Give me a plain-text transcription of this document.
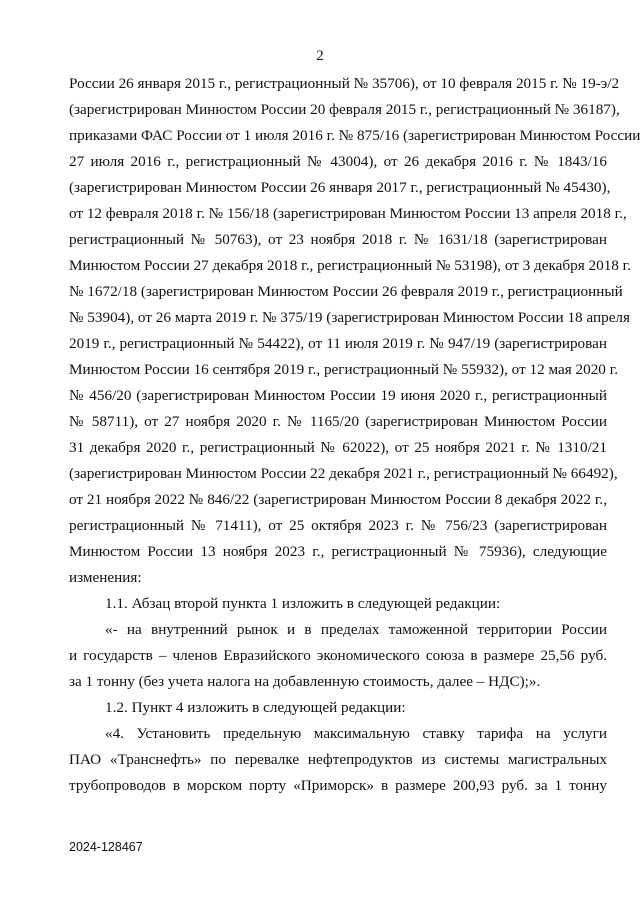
2
России 26 января 2015 г., регистрационный № 35706), от 10 февраля 2015 г. № 19-э/2
(зарегистрирован Минюстом России 20 февраля 2015 г., регистрационный № 36187),
приказами ФАС России от 1 июля 2016 г. № 875/16 (зарегистрирован Минюстом России
27 июля 2016 г., регистрационный № 43004), от 26 декабря 2016 г. № 1843/16
(зарегистрирован Минюстом России 26 января 2017 г., регистрационный № 45430),
от 12 февраля 2018 г. № 156/18 (зарегистрирован Минюстом России 13 апреля 2018 г.,
регистрационный № 50763), от 23 ноября 2018 г. № 1631/18 (зарегистрирован
Минюстом России 27 декабря 2018 г., регистрационный № 53198), от 3 декабря 2018 г.
№ 1672/18 (зарегистрирован Минюстом России 26 февраля 2019 г., регистрационный
№ 53904), от 26 марта 2019 г. № 375/19 (зарегистрирован Минюстом России 18 апреля
2019 г., регистрационный № 54422), от 11 июля 2019 г. № 947/19 (зарегистрирован
Минюстом России 16 сентября 2019 г., регистрационный № 55932), от 12 мая 2020 г.
№ 456/20 (зарегистрирован Минюстом России 19 июня 2020 г., регистрационный
№ 58711), от 27 ноября 2020 г. № 1165/20 (зарегистрирован Минюстом России
31 декабря 2020 г., регистрационный № 62022), от 25 ноября 2021 г. № 1310/21
(зарегистрирован Минюстом России 22 декабря 2021 г., регистрационный № 66492),
от 21 ноября 2022 № 846/22 (зарегистрирован Минюстом России 8 декабря 2022 г.,
регистрационный № 71411), от 25 октября 2023 г. № 756/23 (зарегистрирован
Минюстом России 13 ноября 2023 г., регистрационный № 75936), следующие
изменения:
1.1. Абзац второй пункта 1 изложить в следующей редакции:
«- на внутренний рынок и в пределах таможенной территории России
и государств – членов Евразийского экономического союза в размере 25,56 руб.
за 1 тонну (без учета налога на добавленную стоимость, далее – НДС);».
1.2. Пункт 4 изложить в следующей редакции:
«4. Установить предельную максимальную ставку тарифа на услуги
ПАО «Транснефть» по перевалке нефтепродуктов из системы магистральных
трубопроводов в морском порту «Приморск» в размере 200,93 руб. за 1 тонну
2024-128467
